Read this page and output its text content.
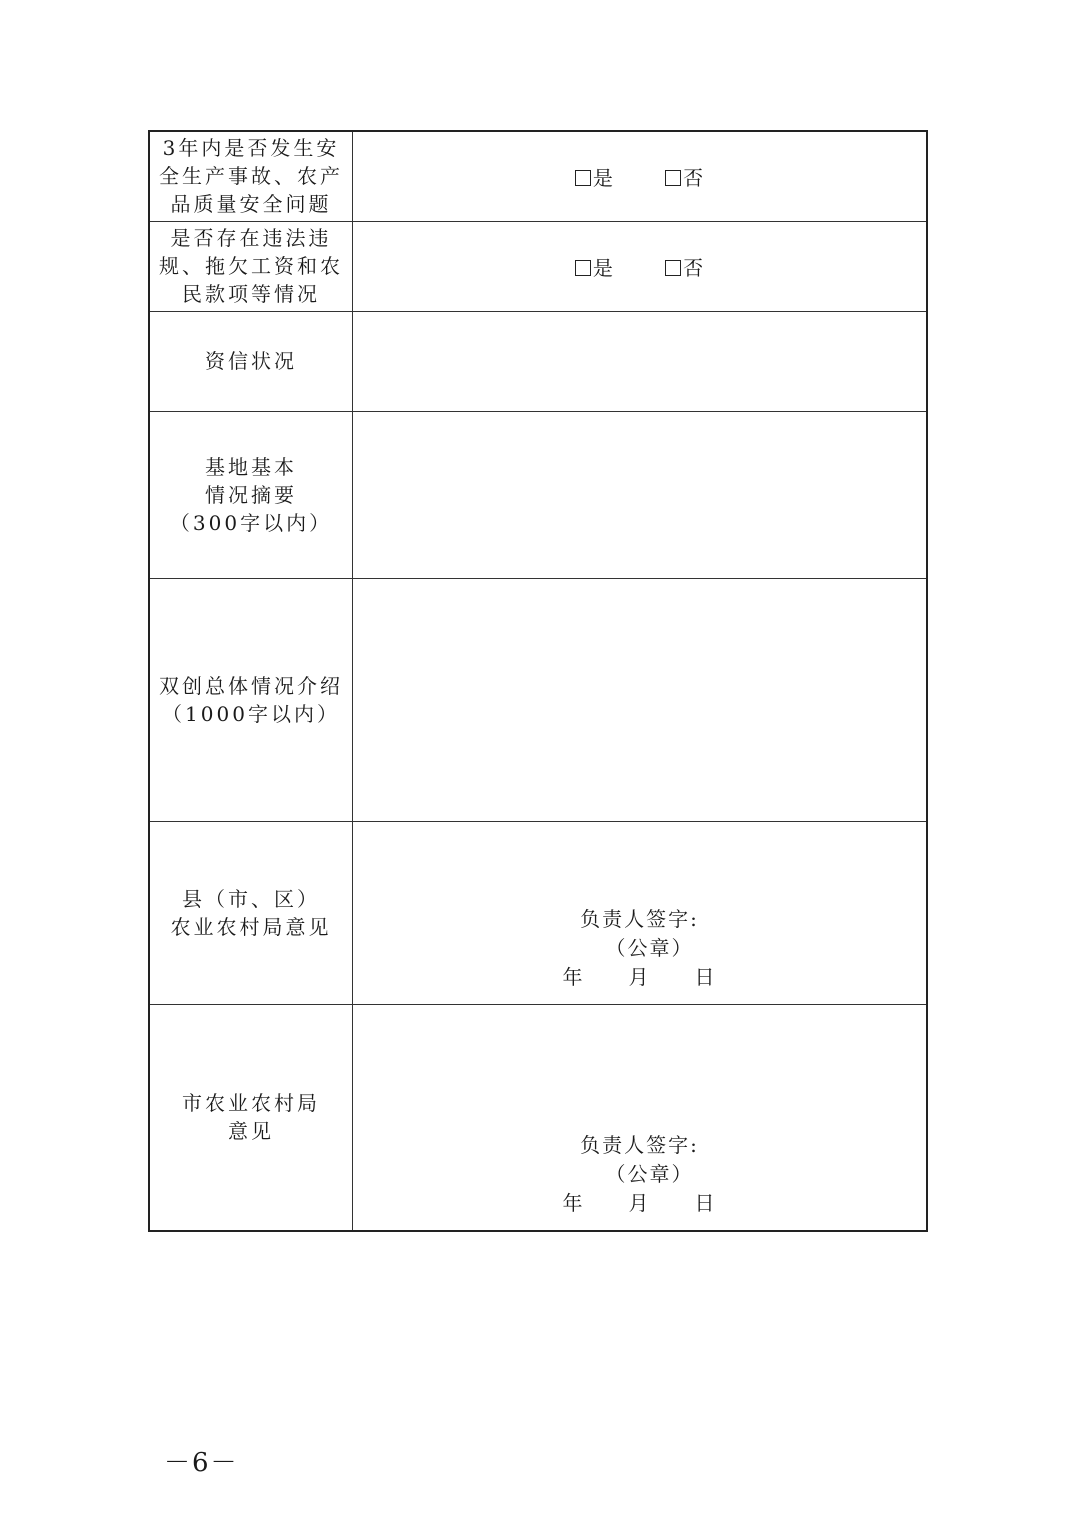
3年内是否发生安
全生产事故、农产
品质量安全问题	是 否

是否存在违法违
规、拖欠工资和农
民款项等情况	是 否

资信状况	

基地基本
情况摘要
（300字以内）	

双创总体情况介绍
（1000字以内）	

县（市、区）
农业农村局意见	负责人签字:
（公章）
年 月 日

市农业农村局
意见	负责人签字:
（公章）
年 月 日
－6－
